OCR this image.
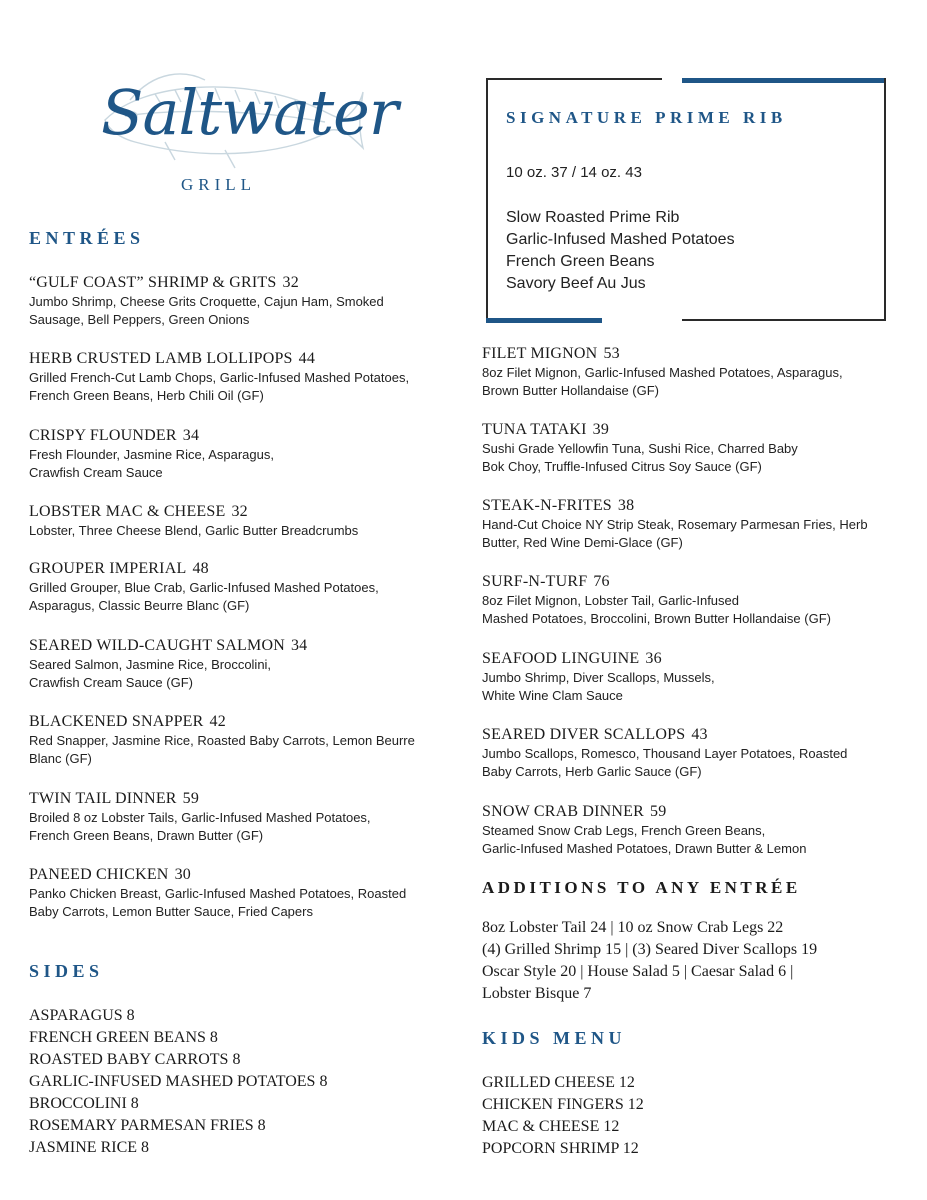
Saltwater
GRILL
ENTRÉES
SIDES
ASPARAGUS 8
FRENCH GREEN BEANS 8
ROASTED BABY CARROTS 8
GARLIC-INFUSED MASHED POTATOES 8
BROCCOLINI 8
ROSEMARY PARMESAN FRIES 8
JASMINE RICE 8
SIGNATURE PRIME RIB
10 oz. 37 / 14 oz. 43
Slow Roasted Prime Rib
Garlic-Infused Mashed Potatoes
French Green Beans
Savory Beef Au Jus
ADDITIONS TO ANY ENTRÉE
8oz Lobster Tail 24 | 10 oz Snow Crab Legs 22
(4) Grilled Shrimp 15 | (3) Seared Diver Scallops 19
Oscar Style 20 | House Salad 5 | Caesar Salad 6 |
Lobster Bisque 7
KIDS MENU
GRILLED CHEESE 12
CHICKEN FINGERS 12
MAC & CHEESE 12
POPCORN SHRIMP 12
“GULF COAST” SHRIMP & GRITS 32
Jumbo Shrimp, Cheese Grits Croquette, Cajun Ham, Smoked
Sausage, Bell Peppers, Green Onions
HERB CRUSTED LAMB LOLLIPOPS 44
Grilled French-Cut Lamb Chops, Garlic-Infused Mashed Potatoes,
French Green Beans, Herb Chili Oil (GF)
CRISPY FLOUNDER 34
Fresh Flounder, Jasmine Rice, Asparagus,
Crawfish Cream Sauce
LOBSTER MAC & CHEESE 32
Lobster, Three Cheese Blend, Garlic Butter Breadcrumbs
GROUPER IMPERIAL 48
Grilled Grouper, Blue Crab, Garlic-Infused Mashed Potatoes,
Asparagus, Classic Beurre Blanc (GF)
SEARED WILD-CAUGHT SALMON 34
Seared Salmon, Jasmine Rice, Broccolini,
Crawfish Cream Sauce (GF)
BLACKENED SNAPPER 42
Red Snapper, Jasmine Rice, Roasted Baby Carrots, Lemon Beurre
Blanc (GF)
TWIN TAIL DINNER 59
Broiled 8 oz Lobster Tails, Garlic-Infused Mashed Potatoes,
French Green Beans, Drawn Butter (GF)
PANEED CHICKEN 30
Panko Chicken Breast, Garlic-Infused Mashed Potatoes, Roasted
Baby Carrots, Lemon Butter Sauce, Fried Capers
FILET MIGNON 53
8oz Filet Mignon, Garlic-Infused Mashed Potatoes, Asparagus,
Brown Butter Hollandaise (GF)
TUNA TATAKI 39
Sushi Grade Yellowfin Tuna, Sushi Rice, Charred Baby
Bok Choy, Truffle-Infused Citrus Soy Sauce (GF)
STEAK-N-FRITES 38
Hand-Cut Choice NY Strip Steak, Rosemary Parmesan Fries, Herb
Butter, Red Wine Demi-Glace (GF)
SURF-N-TURF 76
8oz Filet Mignon, Lobster Tail, Garlic-Infused
Mashed Potatoes, Broccolini, Brown Butter Hollandaise (GF)
SEAFOOD LINGUINE 36
Jumbo Shrimp, Diver Scallops, Mussels,
White Wine Clam Sauce
SEARED DIVER SCALLOPS 43
Jumbo Scallops, Romesco, Thousand Layer Potatoes, Roasted
Baby Carrots, Herb Garlic Sauce (GF)
SNOW CRAB DINNER 59
Steamed Snow Crab Legs, French Green Beans,
Garlic-Infused Mashed Potatoes, Drawn Butter & Lemon
